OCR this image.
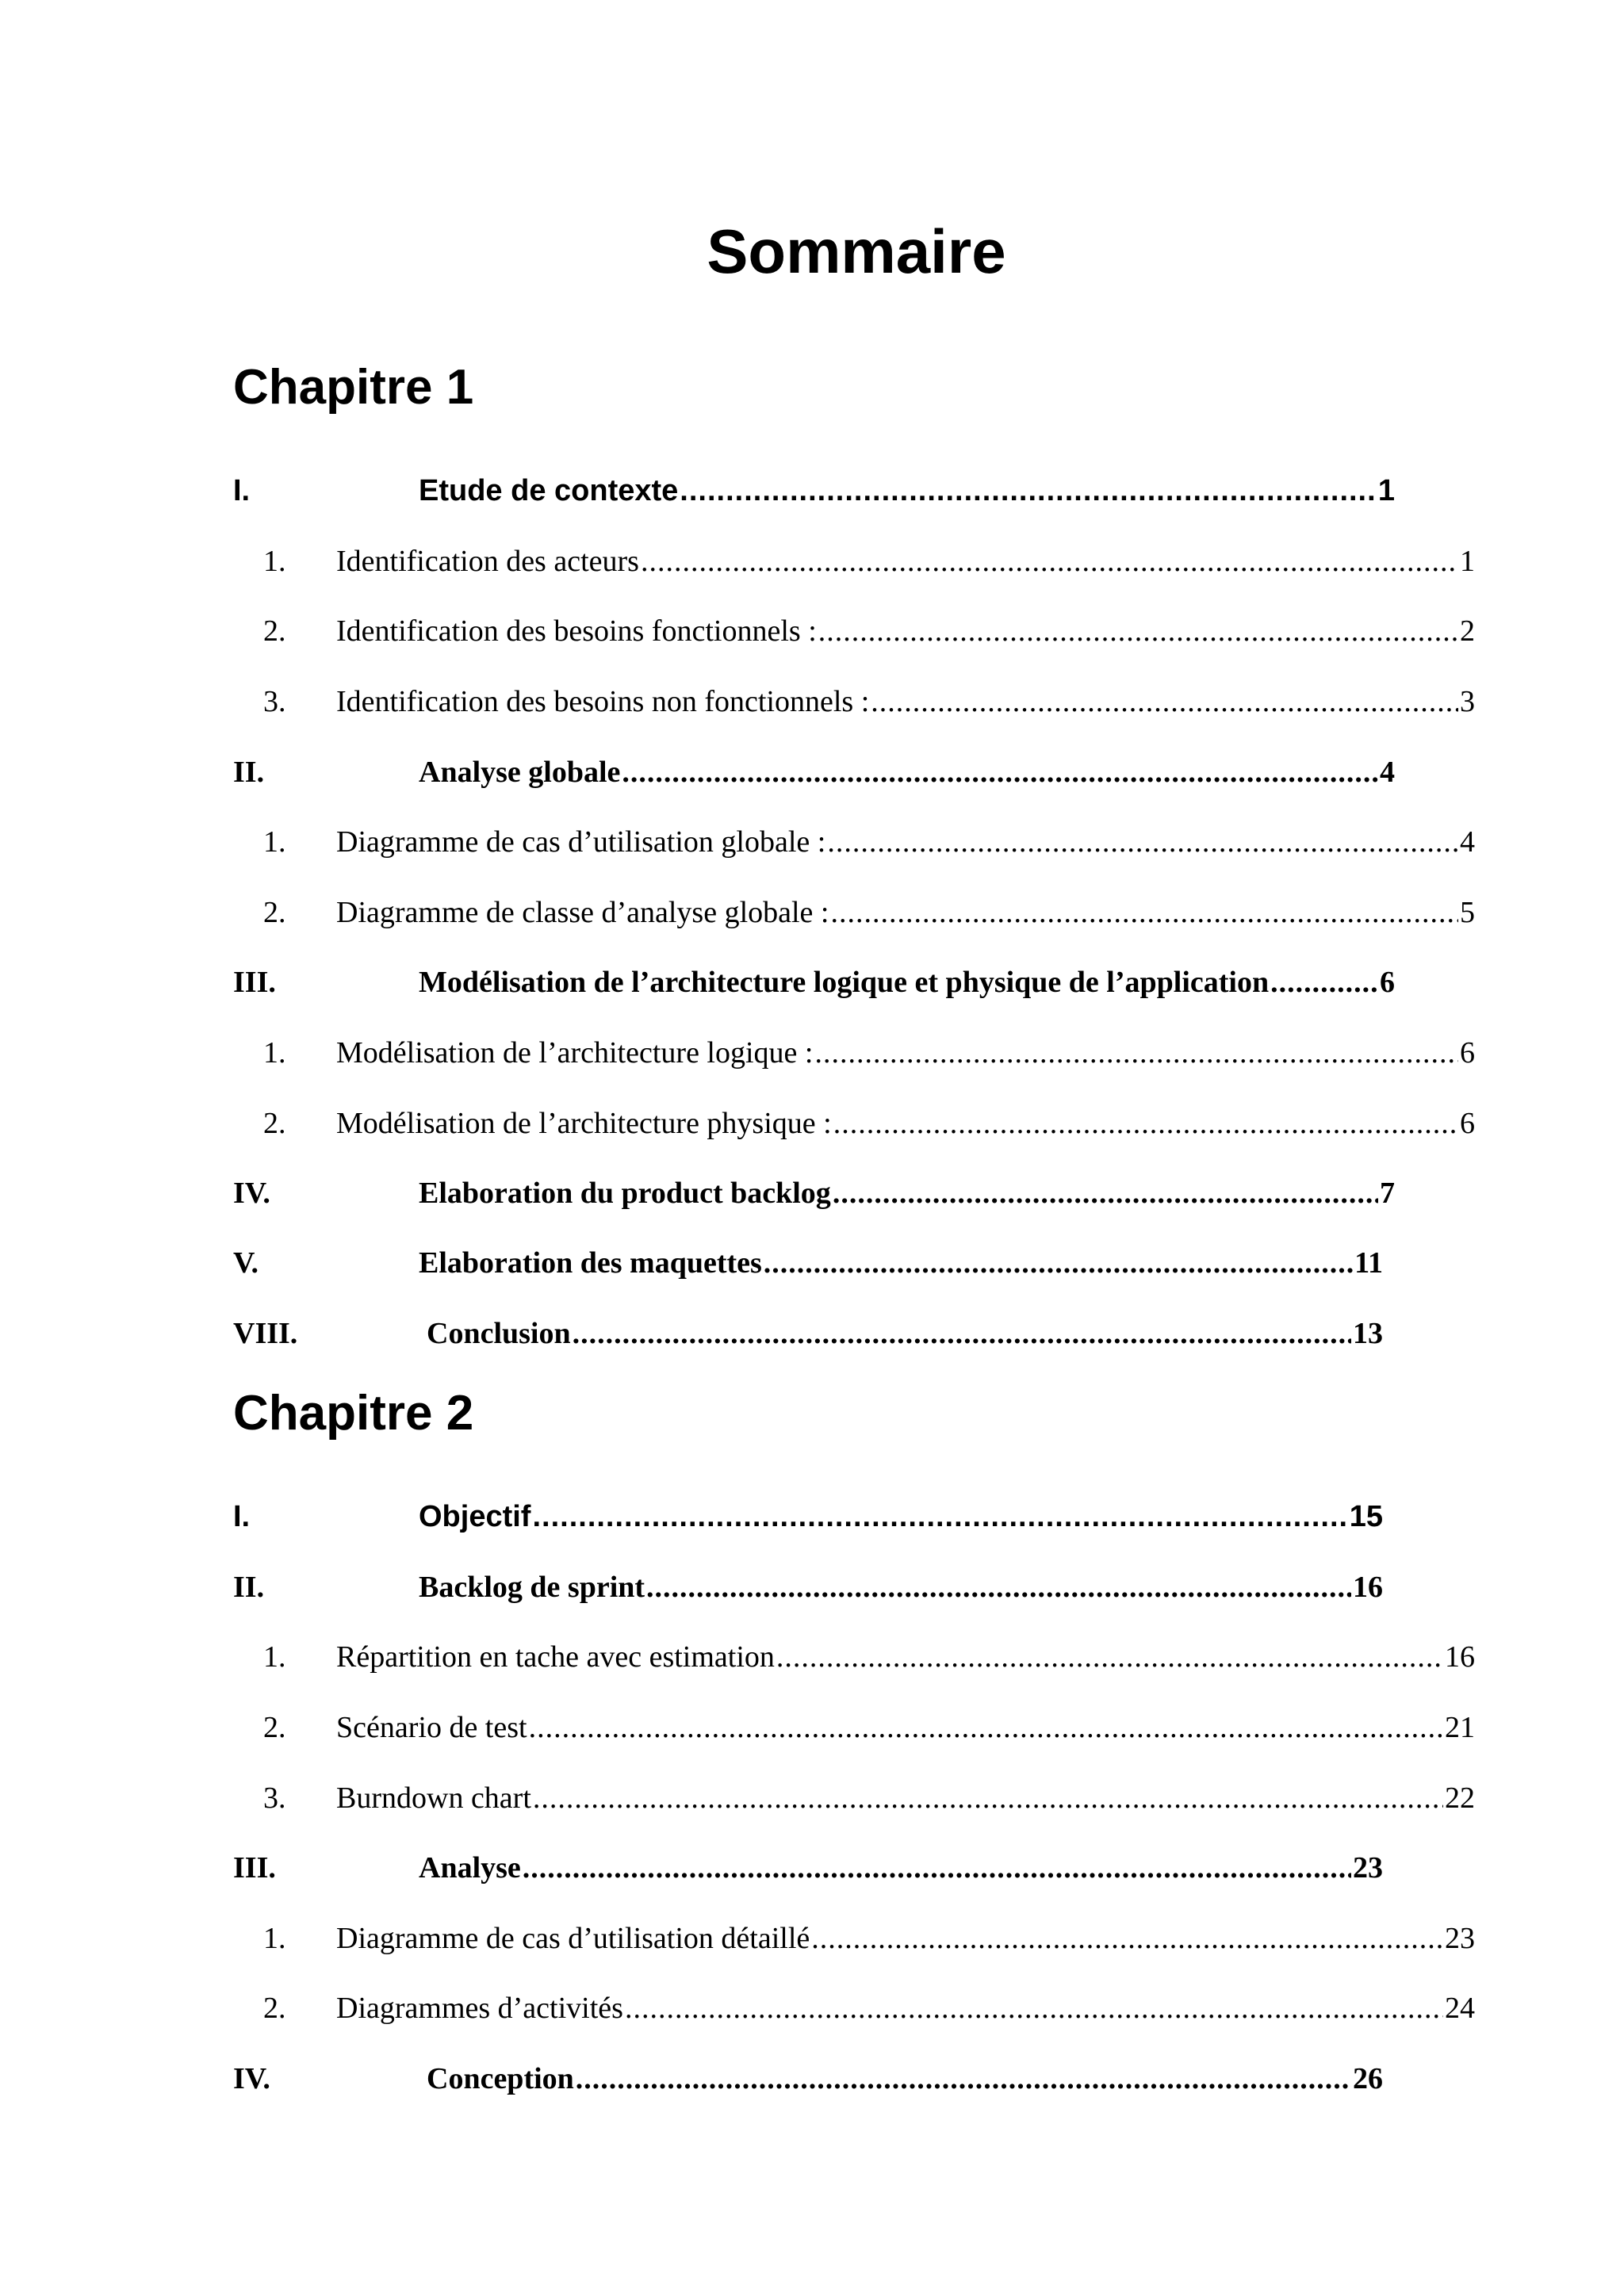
Sommaire
Chapitre 1
I.	Etude de contexte .....	1
1.	Identification des acteurs .....	1
2.	Identification des besoins fonctionnels : .....	2
3.	Identification des besoins non fonctionnels : .....	3
II.	Analyse globale .....	4
1.	Diagramme de cas d’utilisation globale : .....	4
2.	Diagramme de classe d’analyse globale : .....	5
III.	Modélisation de l’architecture logique et physique de l’application .....	6
1.	Modélisation de l’architecture logique : .....	6
2.	Modélisation de l’architecture physique : .....	6
IV.	Elaboration du product backlog .....	7
V.	Elaboration des maquettes .....	11
VIII.	Conclusion .....	13
Chapitre 2
I.	Objectif .....	15
II.	Backlog de sprint .....	16
1.	Répartition en tache avec estimation .....	16
2.	Scénario de test .....	21
3.	Burndown chart .....	22
III.	Analyse .....	23
1.	Diagramme de cas d’utilisation détaillé .....	23
2.	Diagrammes d’activités .....	24
IV.	Conception .....	26
